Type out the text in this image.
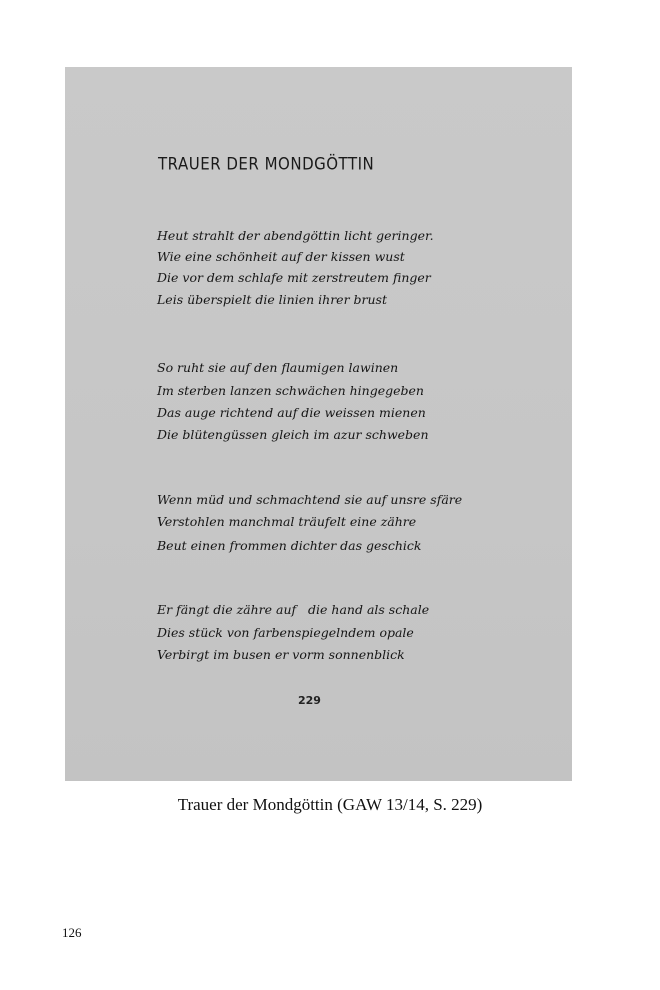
TRAUER DER MONDGÖTTIN
Heut strahlt der abendgöttin licht geringer.
Wie eine schönheit auf der kissen wust
Die vor dem schlafe mit zerstreutem finger
Leis überspielt die linien ihrer brust
So ruht sie auf den flaumigen lawinen
Im sterben lanzen schwächen hingegeben
Das auge richtend auf die weissen mienen
Die blütengüssen gleich im azur schweben
Wenn müd und schmachtend sie auf unsre sfäre
Verstohlen manchmal träufelt eine zähre
Beut einen frommen dichter das geschick
Er fängt die zähre auf   die hand als schale
Dies stück von farbenspiegelndem opale
Verbirgt im busen er vorm sonnenblick
229
Trauer der Mondgöttin (GAW 13/14, S. 229)
126
